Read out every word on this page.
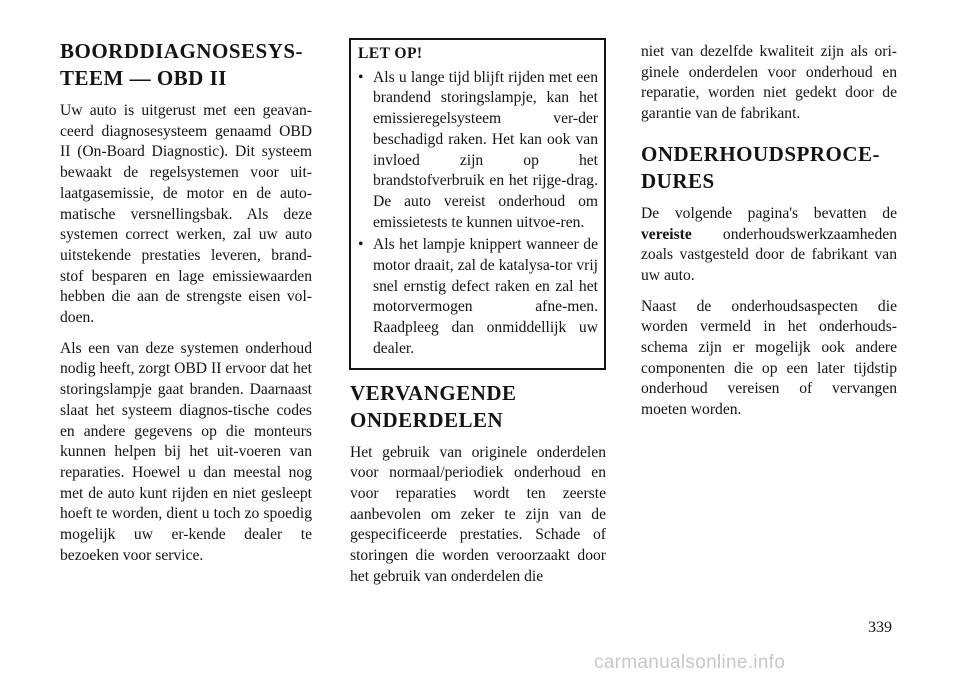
BOORDDIAGNOSESYS-
TEEM — OBD II

Uw auto is uitgerust met een geavan-ceerd diagnosesysteem genaamd OBD II (On-Board Diagnostic). Dit systeem bewaakt de regelsystemen voor uit-laatgasemissie, de motor en de auto-matische versnellingsbak. Als deze systemen correct werken, zal uw auto uitstekende prestaties leveren, brand-stof besparen en lage emissiewaarden hebben die aan de strengste eisen vol-doen.

Als een van deze systemen onderhoud nodig heeft, zorgt OBD II ervoor dat het storingslampje gaat branden. Daarnaast slaat het systeem diagnos-tische codes en andere gegevens op die monteurs kunnen helpen bij het uit-voeren van reparaties. Hoewel u dan meestal nog met de auto kunt rijden en niet gesleept hoeft te worden, dient u toch zo spoedig mogelijk uw er-kende dealer te bezoeken voor service.

LET OP!
• Als u lange tijd blijft rijden met een brandend storingslampje, kan het emissieregelsysteem ver-der beschadigd raken. Het kan ook van invloed zijn op het brandstofverbruik en het rijge-drag. De auto vereist onderhoud om emissietests te kunnen uitvoe-ren.
• Als het lampje knippert wanneer de motor draait, zal de katalysa-tor vrij snel ernstig defect raken en zal het motorvermogen afne-men. Raadpleeg dan onmiddellijk uw dealer.
VERVANGENDE
ONDERDELEN

Het gebruik van originele onderdelen voor normaal/periodiek onderhoud en voor reparaties wordt ten zeerste aanbevolen om zeker te zijn van de gespecificeerde prestaties. Schade of storingen die worden veroorzaakt door het gebruik van onderdelen die

niet van dezelfde kwaliteit zijn als ori-ginele onderdelen voor onderhoud en reparatie, worden niet gedekt door de garantie van de fabrikant.

ONDERHOUDSPROCE-
DURES

De volgende pagina's bevatten de vereiste onderhoudswerkzaamheden zoals vastgesteld door de fabrikant van uw auto.

Naast de onderhoudsaspecten die worden vermeld in het onderhouds-schema zijn er mogelijk ook andere componenten die op een later tijdstip onderhoud vereisen of vervangen moeten worden.

339
carmanualsonline.info
